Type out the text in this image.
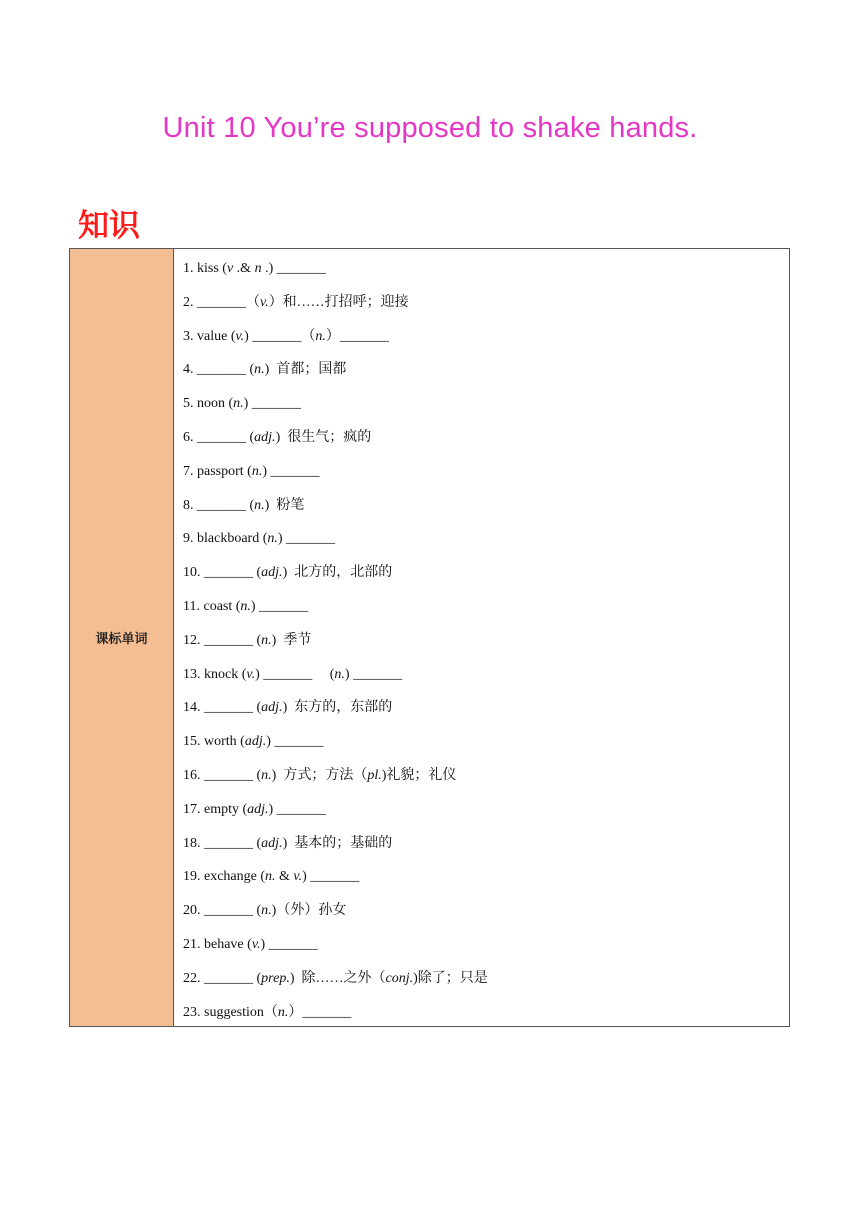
Unit 10 You’re supposed to shake hands.
知识
课标单词
1. kiss (v .& n .) _______
2. _______（v.）和……打招呼；迎接
3. value (v.) _______（n.）_______
4. _______ (n.)  首都；国都
5. noon (n.) _______
6. _______ (adj.)  很生气；疯的
7. passport (n.) _______
8. _______ (n.)  粉笔
9. blackboard (n.) _______
10. _______ (adj.)  北方的，北部的
11. coast (n.) _______
12. _______ (n.)  季节
13. knock (v.) _______     (n.) _______
14. _______ (adj.)  东方的，东部的
15. worth (adj.) _______
16. _______ (n.)  方式；方法（pl.)礼貌；礼仪
17. empty (adj.) _______
18. _______ (adj.)  基本的；基础的
19. exchange (n. & v.) _______
20. _______ (n.)（外）孙女
21. behave (v.) _______
22. _______ (prep.)  除……之外（conj.)除了；只是
23. suggestion（n.）_______
